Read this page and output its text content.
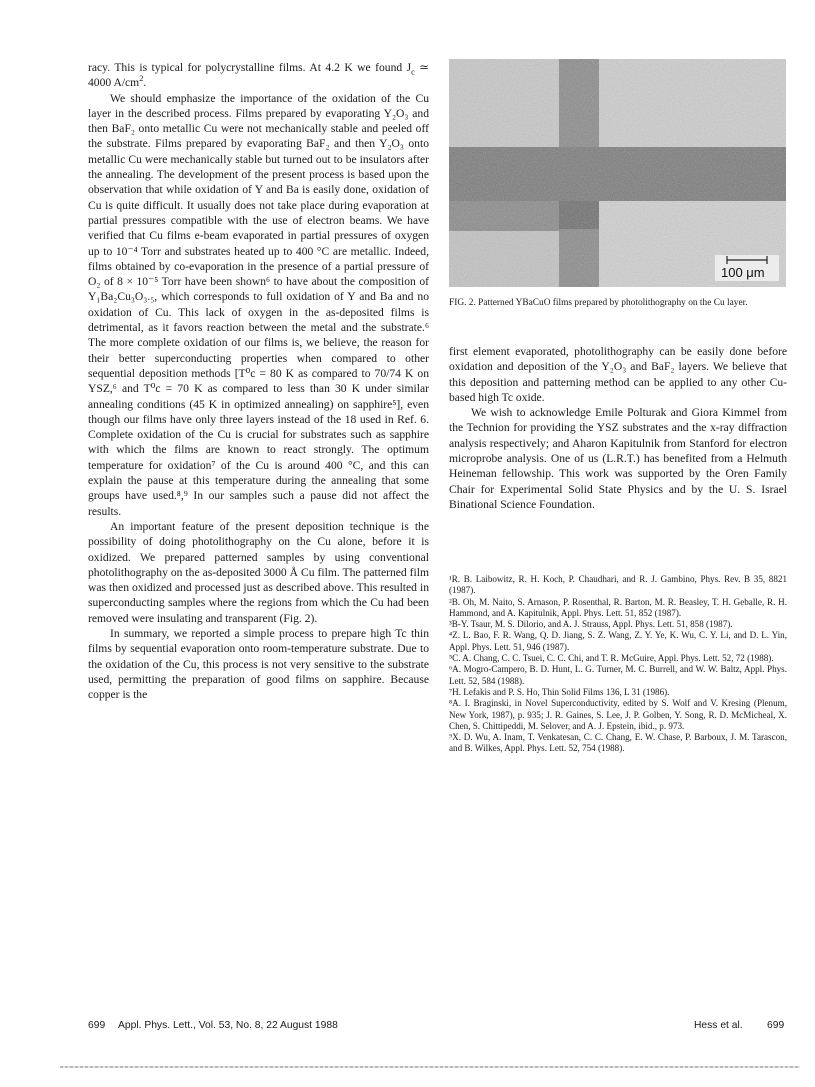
racy. This is typical for polycrystalline films. At 4.2 K we found $J_c$ ≃ 4000 $A/cm^2$.

We should emphasize the importance of the oxidation of the Cu layer in the described process. Films prepared by evaporating Y₂O₃ and then BaF₂ onto metallic Cu were not mechanically stable and peeled off the substrate. Films prepared by evaporating BaF₂ and then Y₂O₃ onto metallic Cu were mechanically stable but turned out to be insulators after the annealing. The development of the present process is based upon the observation that while oxidation of Y and Ba is easily done, oxidation of Cu is quite difficult. It usually does not take place during evaporation at partial pressures compatible with the use of electron beams. We have verified that Cu films e-beam evaporated in partial pressures of oxygen up to 10⁻⁴ Torr and substrates heated up to 400 °C are metallic. Indeed, films obtained by co-evaporation in the presence of a partial pressure of O₂ of 8 × 10⁻⁵ Torr have been shown⁶ to have about the composition of Y₁Ba₂Cu₃O₃.₅, which corresponds to full oxidation of Y and Ba and no oxidation of Cu. This lack of oxygen in the as-deposited films is detrimental, as it favors reaction between the metal and the substrate.⁶ The more complete oxidation of our films is, we believe, the reason for their better superconducting properties when compared to other sequential deposition methods [T⁰c = 80 K as compared to 70/74 K on YSZ,⁶ and T⁰c = 70 K as compared to less than 30 K under similar annealing conditions (45 K in optimized annealing) on sapphire⁵], even though our films have only three layers instead of the 18 used in Ref. 6. Complete oxidation of the Cu is crucial for substrates such as sapphire with which the films are known to react strongly. The optimum temperature for oxidation⁷ of the Cu is around 400 °C, and this can explain the pause at this temperature during the annealing that some groups have used.⁸,⁹ In our samples such a pause did not affect the results.

An important feature of the present deposition technique is the possibility of doing photolithography on the Cu alone, before it is oxidized. We prepared patterned samples by using conventional photolithography on the as-deposited 3000 Å Cu film. The patterned film was then oxidized and processed just as described above. This resulted in superconducting samples where the regions from which the Cu had been removed were insulating and transparent (Fig. 2).

In summary, we reported a simple process to prepare high Tc thin films by sequential evaporation onto room-temperature substrate. Due to the oxidation of the Cu, this process is not very sensitive to the substrate used, permitting the preparation of good films on sapphire. Because copper is the

100 μm
FIG. 2. Patterned YBaCuO films prepared by photolithography on the Cu layer.

first element evaporated, photolithography can be easily done before oxidation and deposition of the Y₂O₃ and BaF₂ layers. We believe that this deposition and patterning method can be applied to any other Cu-based high Tc oxide.

We wish to acknowledge Emile Polturak and Giora Kimmel from the Technion for providing the YSZ substrates and the x-ray diffraction analysis respectively; and Aharon Kapitulnik from Stanford for electron microprobe analysis. One of us (L.R.T.) has benefited from a Helmuth Heineman fellowship. This work was supported by the Oren Family Chair for Experimental Solid State Physics and by the U. S. Israel Binational Science Foundation.

¹R. B. Laibowitz, R. H. Koch, P. Chaudhari, and R. J. Gambino, Phys. Rev. B 35, 8821 (1987).
²B. Oh, M. Naito, S. Arnason, P. Rosenthal, R. Barton, M. R. Beasley, T. H. Geballe, R. H. Hammond, and A. Kapitulnik, Appl. Phys. Lett. 51, 852 (1987).
³B-Y. Tsaur, M. S. Dilorio, and A. J. Strauss, Appl. Phys. Lett. 51, 858 (1987).
⁴Z. L. Bao, F. R. Wang, Q. D. Jiang, S. Z. Wang, Z. Y. Ye, K. Wu, C. Y. Li, and D. L. Yin, Appl. Phys. Lett. 51, 946 (1987).
⁵C. A. Chang, C. C. Tsuei, C. C. Chi, and T. R. McGuire, Appl. Phys. Lett. 52, 72 (1988).
⁶A. Mogro-Campero, B. D. Hunt, L. G. Turner, M. C. Burrell, and W. W. Baltz, Appl. Phys. Lett. 52, 584 (1988).
⁷H. Lefakis and P. S. Ho, Thin Solid Films 136, L 31 (1986).
⁸A. I. Braginski, in Novel Superconductivity, edited by S. Wolf and V. Kresing (Plenum, New York, 1987), p. 935; J. R. Gaines, S. Lee, J. P. Golben, Y. Song, R. D. McMicheal, X. Chen, S. Chittipeddi, M. Selover, and A. J. Epstein, ibid., p. 973.
⁹X. D. Wu, A. Inam, T. Venkatesan, C. C. Chang, E. W. Chase, P. Barboux, J. M. Tarascon, and B. Wilkes, Appl. Phys. Lett. 52, 754 (1988).
699 Appl. Phys. Lett., Vol. 53, No. 8, 22 August 1988	Hess et al. 699
